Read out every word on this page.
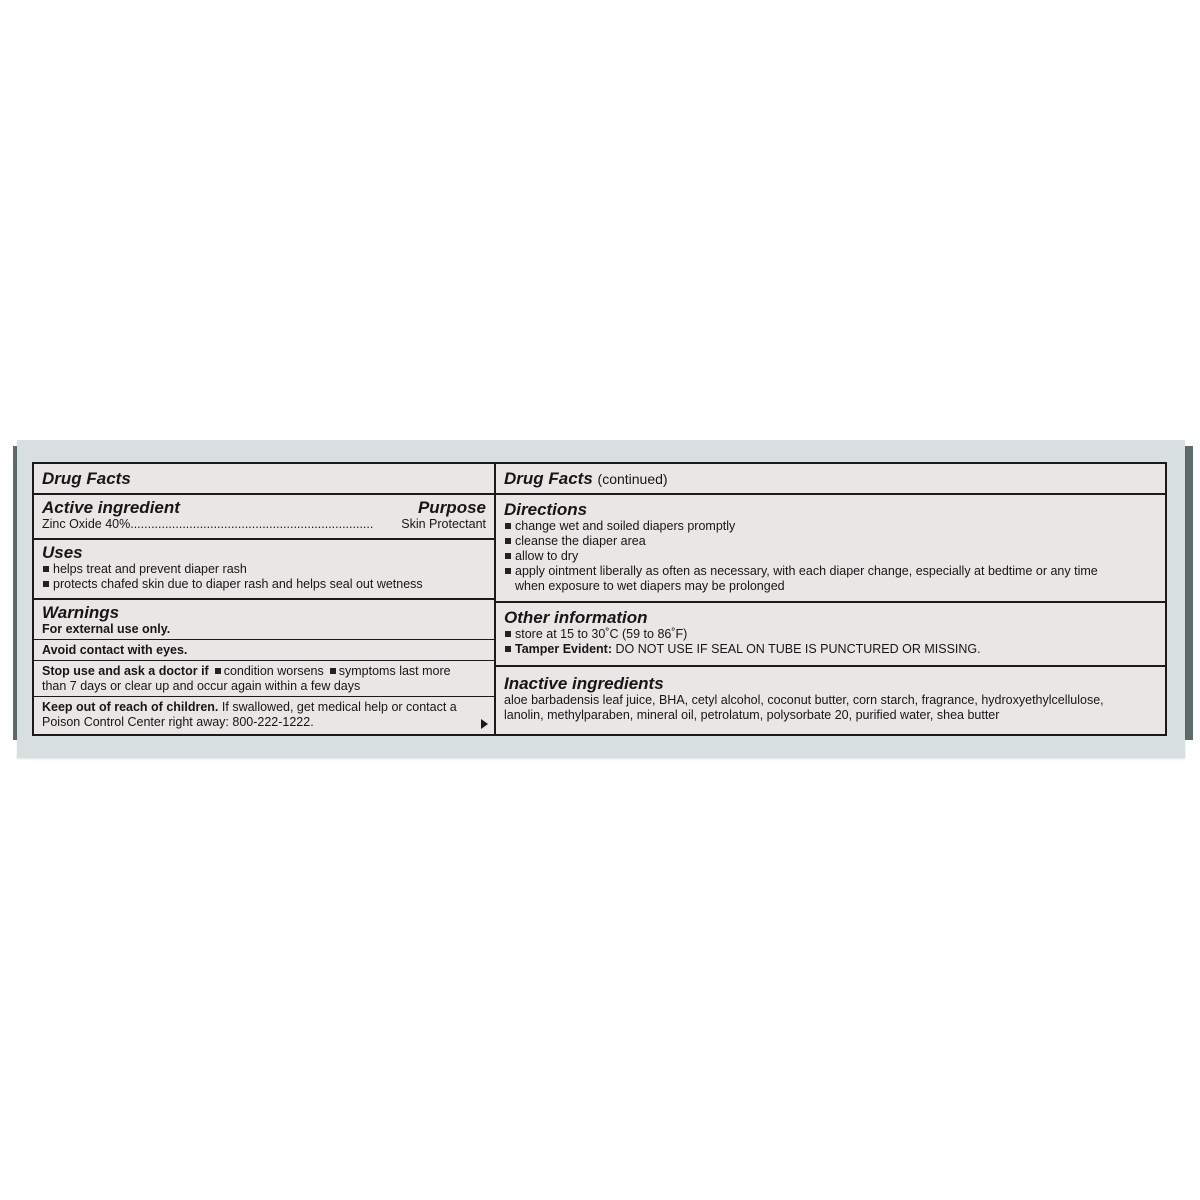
Drug Facts

Active ingredient	Purpose

Zinc Oxide 40%......................................................................	Skin Protectant

Uses

helps treat and prevent diaper rash
protects chafed skin due to diaper rash and helps seal out wetness

Warnings

For external use only.

Avoid contact with eyes.

Stop use and ask a doctor if condition worsens symptoms last more

than 7 days or clear up and occur again within a few days

Keep out of reach of children. If swallowed, get medical help or contact a

Poison Control Center right away: 800-222-1222.

Drug Facts (continued)

Directions

change wet and soiled diapers promptly
cleanse the diaper area
allow to dry
apply ointment liberally as often as necessary, with each diaper change, especially at bedtime or any time
when exposure to wet diapers may be prolonged

Other information

store at 15 to 30˚C (59 to 86˚F)
Tamper Evident: DO NOT USE IF SEAL ON TUBE IS PUNCTURED OR MISSING.

Inactive ingredients

aloe barbadensis leaf juice, BHA, cetyl alcohol, coconut butter, corn starch, fragrance, hydroxyethylcellulose,

lanolin, methylparaben, mineral oil, petrolatum, polysorbate 20, purified water, shea butter
